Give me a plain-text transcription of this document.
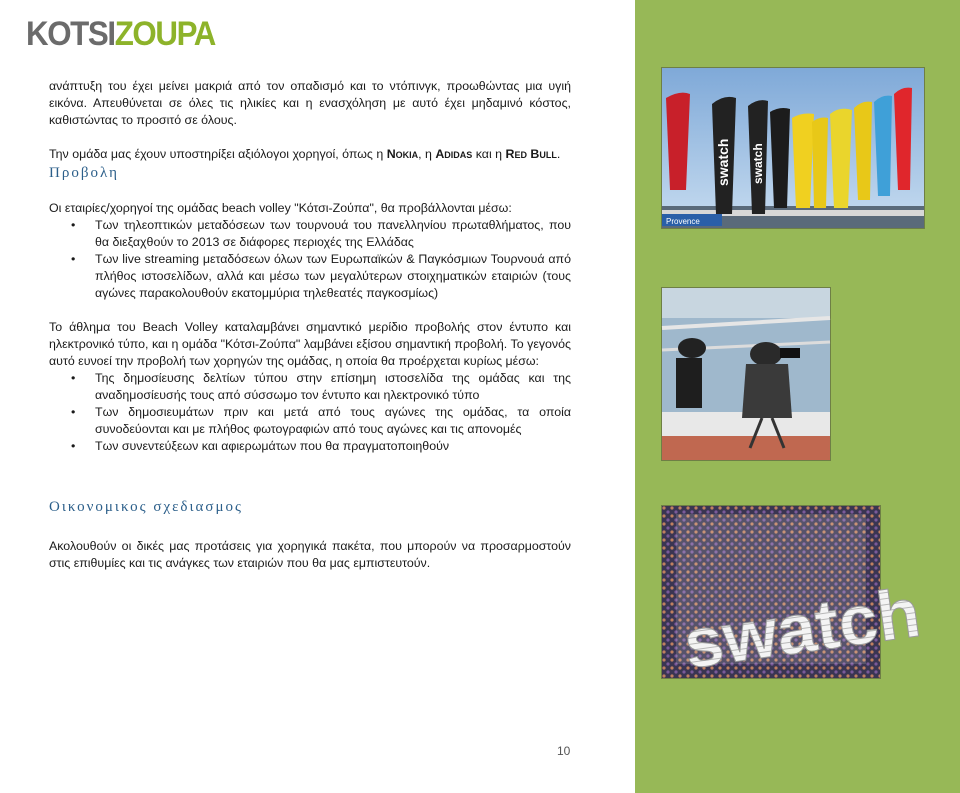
KOTSIZOUPA

ανάπτυξη του έχει μείνει μακριά από τον οπαδισμό και το ντόπινγκ, προωθώντας μια υγιή εικόνα. Απευθύνεται σε όλες τις ηλικίες και η ενασχόληση με αυτό έχει μηδαμινό κόστος, καθιστώντας το προσιτό σε όλους.

Την ομάδα μας έχουν υποστηρίξει αξιόλογοι χορηγοί, όπως η Nokia, η Adidas και η Red Bull.

Προβολη

Οι εταιρίες/χορηγοί της ομάδας beach volley "Κότσι-Ζούπα", θα προβάλλονται μέσω:

• Των τηλεοπτικών μεταδόσεων των τουρνουά του πανελληνίου πρωταθλήματος, που θα διεξαχθούν το 2013 σε διάφορες περιοχές της Ελλάδας
• Των live streaming μεταδόσεων όλων των Ευρωπαϊκών & Παγκόσμιων Τουρνουά από πλήθος ιστοσελίδων, αλλά και μέσω των μεγαλύτερων στοιχηματικών εταιριών (τους αγώνες παρακολουθούν εκατομμύρια τηλεθεατές παγκοσμίως)

Το άθλημα του Beach Volley καταλαμβάνει σημαντικό μερίδιο προβολής στον έντυπο και ηλεκτρονικό τύπο, και η ομάδα "Κότσι-Ζούπα" λαμβάνει εξίσου σημαντική προβολή. Το γεγονός αυτό ευνοεί την προβολή των χορηγών της ομάδας, η οποία θα προέρχεται κυρίως μέσω:

• Της δημοσίευσης δελτίων τύπου στην επίσημη ιστοσελίδα της ομάδας και της αναδημοσίευσής τους από σύσσωμο τον έντυπο και ηλεκτρονικό τύπο
• Των δημοσιευμάτων πριν και μετά από τους αγώνες της ομάδας, τα οποία συνοδεύονται και με πλήθος φωτογραφιών από τους αγώνες και τις απονομές
• Των συνεντεύξεων και αφιερωμάτων που θα πραγματοποιηθούν

Οικονομικος σχεδιασμος

Ακολουθούν οι δικές μας προτάσεις για χορηγικά πακέτα, που μπορούν να προσαρμοστούν στις επιθυμίες και τις ανάγκες των εταιριών που θα μας εμπιστευτούν.

10
swatch swatch
Provence
swatch
